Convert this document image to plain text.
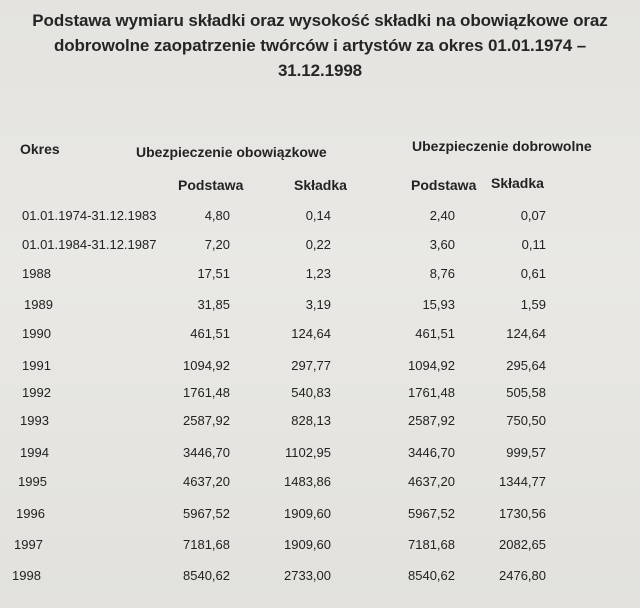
Podstawa wymiaru składki oraz wysokość składki na obowiązkowe oraz
dobrowolne zaopatrzenie twórców i artystów za okres 01.01.1974 – 31.12.1998
Okres	Ubezpieczenie obowiązkowe	Ubezpieczenie dobrowolne
Podstawa	Składka	Podstawa Składka
01.01.1974-31.12.1983	4,80	0,14	2,40	0,07
01.01.1984-31.12.1987	7,20	0,22	3,60	0,11
1988	17,51	1,23	8,76	0,61
1989	31,85	3,19	15,93	1,59
1990	461,51	124,64	461,51	124,64
1991	1094,92	297,77	1094,92	295,64
1992	1761,48	540,83	1761,48	505,58
1993	2587,92	828,13	2587,92	750,50
1994	3446,70	1102,95	3446,70	999,57
1995	4637,20	1483,86	4637,20	1344,77
1996	5967,52	1909,60	5967,52	1730,56
1997	7181,68	1909,60	7181,68	2082,65
1998	8540,62	2733,00	8540,62	2476,80
